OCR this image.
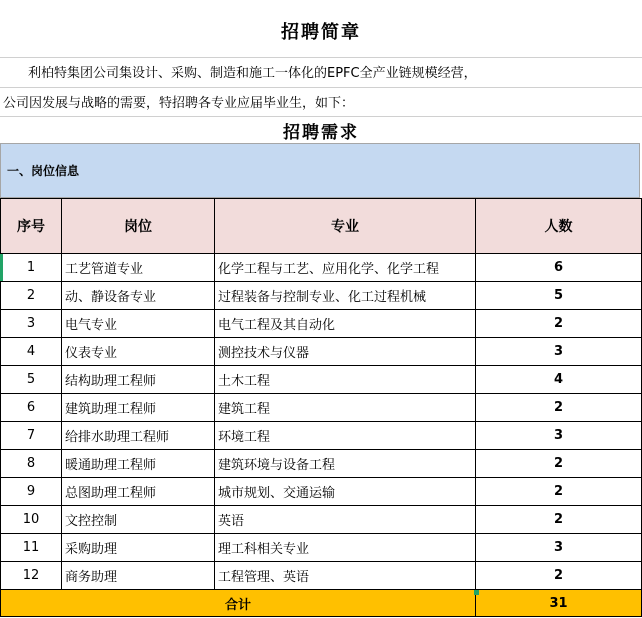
招聘简章
利柏特集团公司集设计、采购、制造和施工一体化的EPFC全产业链规模经营，
公司因发展与战略的需要，特招聘各专业应届毕业生，如下：
招聘需求
一、岗位信息
序号	岗位	专业	人数
1	工艺管道专业	化学工程与工艺、应用化学、化学工程	6
2	动、静设备专业	过程装备与控制专业、化工过程机械	5
3	电气专业	电气工程及其自动化	2
4	仪表专业	测控技术与仪器	3
5	结构助理工程师	土木工程	4
6	建筑助理工程师	建筑工程	2
7	给排水助理工程师	环境工程	3
8	暖通助理工程师	建筑环境与设备工程	2
9	总图助理工程师	城市规划、交通运输	2
10	文控控制	英语	2
11	采购助理	理工科相关专业	3
12	商务助理	工程管理、英语	2
合计			31
